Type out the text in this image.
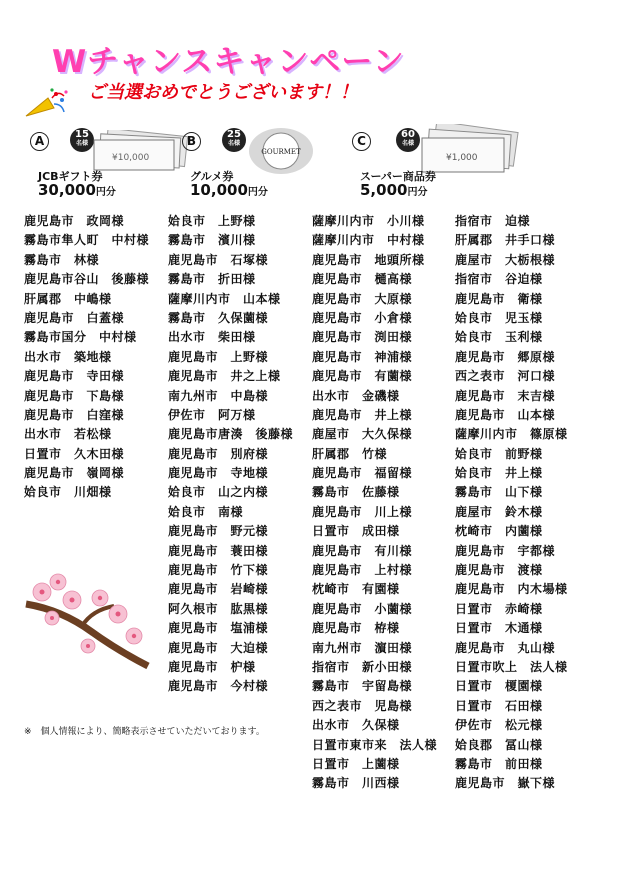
Wチャンスキャンペーン
ご当選おめでとうございます！！
A	15
名様
¥10,000
JCBギフト券
30,000円分
B	25
名様
GOURMET
グルメ券
10,000円分
C	60
名様
¥1,000
スーパー商品券
5,000円分
鹿児島市　政岡様
霧島市隼人町　中村様
霧島市　林様
鹿児島市谷山　後藤様
肝属郡　中嶋様
鹿児島市　白蓋様
霧島市国分　中村様
出水市　築地様
鹿児島市　寺田様
鹿児島市　下島様
鹿児島市　白窪様
出水市　若松様
日置市　久木田様
鹿児島市　嶺岡様
姶良市　川畑様
姶良市　上野様
霧島市　濱川様
鹿児島市　石塚様
霧島市　折田様
薩摩川内市　山本様
霧島市　久保薗様
出水市　柴田様
鹿児島市　上野様
鹿児島市　井之上様
南九州市　中島様
伊佐市　阿万様
鹿児島市唐湊　後藤様
鹿児島市　別府様
鹿児島市　寺地様
姶良市　山之内様
姶良市　南様
鹿児島市　野元様
鹿児島市　蓑田様
鹿児島市　竹下様
鹿児島市　岩崎様
阿久根市　肱黒様
鹿児島市　塩浦様
鹿児島市　大迫様
鹿児島市　枦様
鹿児島市　今村様
薩摩川内市　小川様
薩摩川内市　中村様
鹿児島市　地頭所様
鹿児島市　樋高様
鹿児島市　大原様
鹿児島市　小倉様
鹿児島市　渕田様
鹿児島市　神浦様
鹿児島市　有薗様
出水市　金磯様
鹿児島市　井上様
鹿屋市　大久保様
肝属郡　竹様
鹿児島市　福留様
霧島市　佐藤様
鹿児島市　川上様
日置市　成田様
鹿児島市　有川様
鹿児島市　上村様
枕崎市　有園様
鹿児島市　小薗様
鹿児島市　栫様
南九州市　濵田様
指宿市　新小田様
霧島市　宇留島様
西之表市　児島様
出水市　久保様
日置市東市来　法人様
日置市　上薗様
霧島市　川西様
指宿市　迫様
肝属郡　井手口様
鹿屋市　大栃根様
指宿市　谷迫様
鹿児島市　衛様
姶良市　児玉様
姶良市　玉利様
鹿児島市　郷原様
西之表市　河口様
鹿児島市　末吉様
鹿児島市　山本様
薩摩川内市　篠原様
姶良市　前野様
姶良市　井上様
霧島市　山下様
鹿屋市　鈴木様
枕崎市　内薗様
鹿児島市　宇都様
鹿児島市　渡様
鹿児島市　内木場様
日置市　赤崎様
日置市　木通様
鹿児島市　丸山様
日置市吹上　法人様
日置市　榎園様
日置市　石田様
伊佐市　松元様
姶良郡　冨山様
霧島市　前田様
鹿児島市　嶽下様
※　個人情報により、簡略表示させていただいております。
